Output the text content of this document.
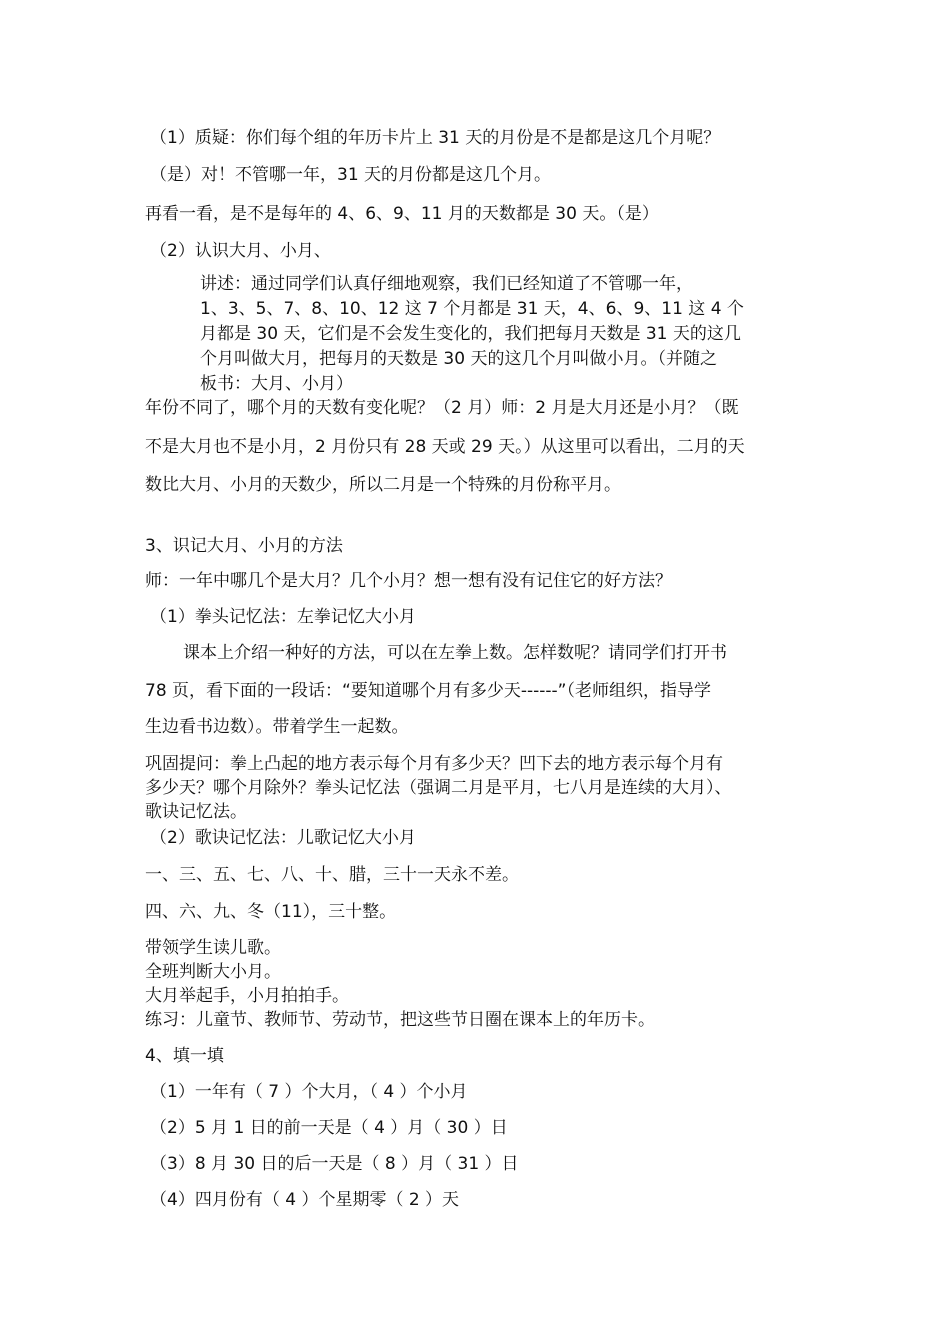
（1）质疑：你们每个组的年历卡片上 31 天的月份是不是都是这几个月呢？
（是）对！不管哪一年，31 天的月份都是这几个月。
再看一看，是不是每年的 4、6、9、11 月的天数都是 30 天。（是）
（2）认识大月、小月、
讲述：通过同学们认真仔细地观察，我们已经知道了不管哪一年，
1、3、5、7、8、10、12 这 7 个月都是 31 天，4、6、9、11 这 4 个
月都是 30 天，它们是不会发生变化的，我们把每月天数是 31 天的这几
个月叫做大月，把每月的天数是 30 天的这几个月叫做小月。（并随之
板书：大月、小月）
年份不同了，哪个月的天数有变化呢？（2 月）师：2 月是大月还是小月？（既
不是大月也不是小月，2 月份只有 28 天或 29 天。）从这里可以看出，二月的天
数比大月、小月的天数少，所以二月是一个特殊的月份称平月。
3、识记大月、小月的方法
师：一年中哪几个是大月？几个小月？想一想有没有记住它的好方法？
（1）拳头记忆法：左拳记忆大小月
课本上介绍一种好的方法，可以在左拳上数。怎样数呢？请同学们打开书
78 页，看下面的一段话：“要知道哪个月有多少天------”（老师组织，指导学
生边看书边数）。带着学生一起数。
巩固提问：拳上凸起的地方表示每个月有多少天？凹下去的地方表示每个月有
多少天？哪个月除外？拳头记忆法（强调二月是平月，七八月是连续的大月）、
歌诀记忆法。
（2）歌诀记忆法：儿歌记忆大小月
一、三、五、七、八、十、腊，三十一天永不差。
四、六、九、冬（11），三十整。
带领学生读儿歌。
全班判断大小月。
大月举起手，小月拍拍手。
练习：儿童节、教师节、劳动节，把这些节日圈在课本上的年历卡。
4、填一填
（1）一年有（ 7 ）个大月，（ 4 ）个小月
（2）5 月 1 日的前一天是（ 4 ）月（ 30 ）日
（3）8 月 30 日的后一天是（ 8 ）月（ 31 ）日
（4）四月份有（ 4 ）个星期零（ 2 ）天
